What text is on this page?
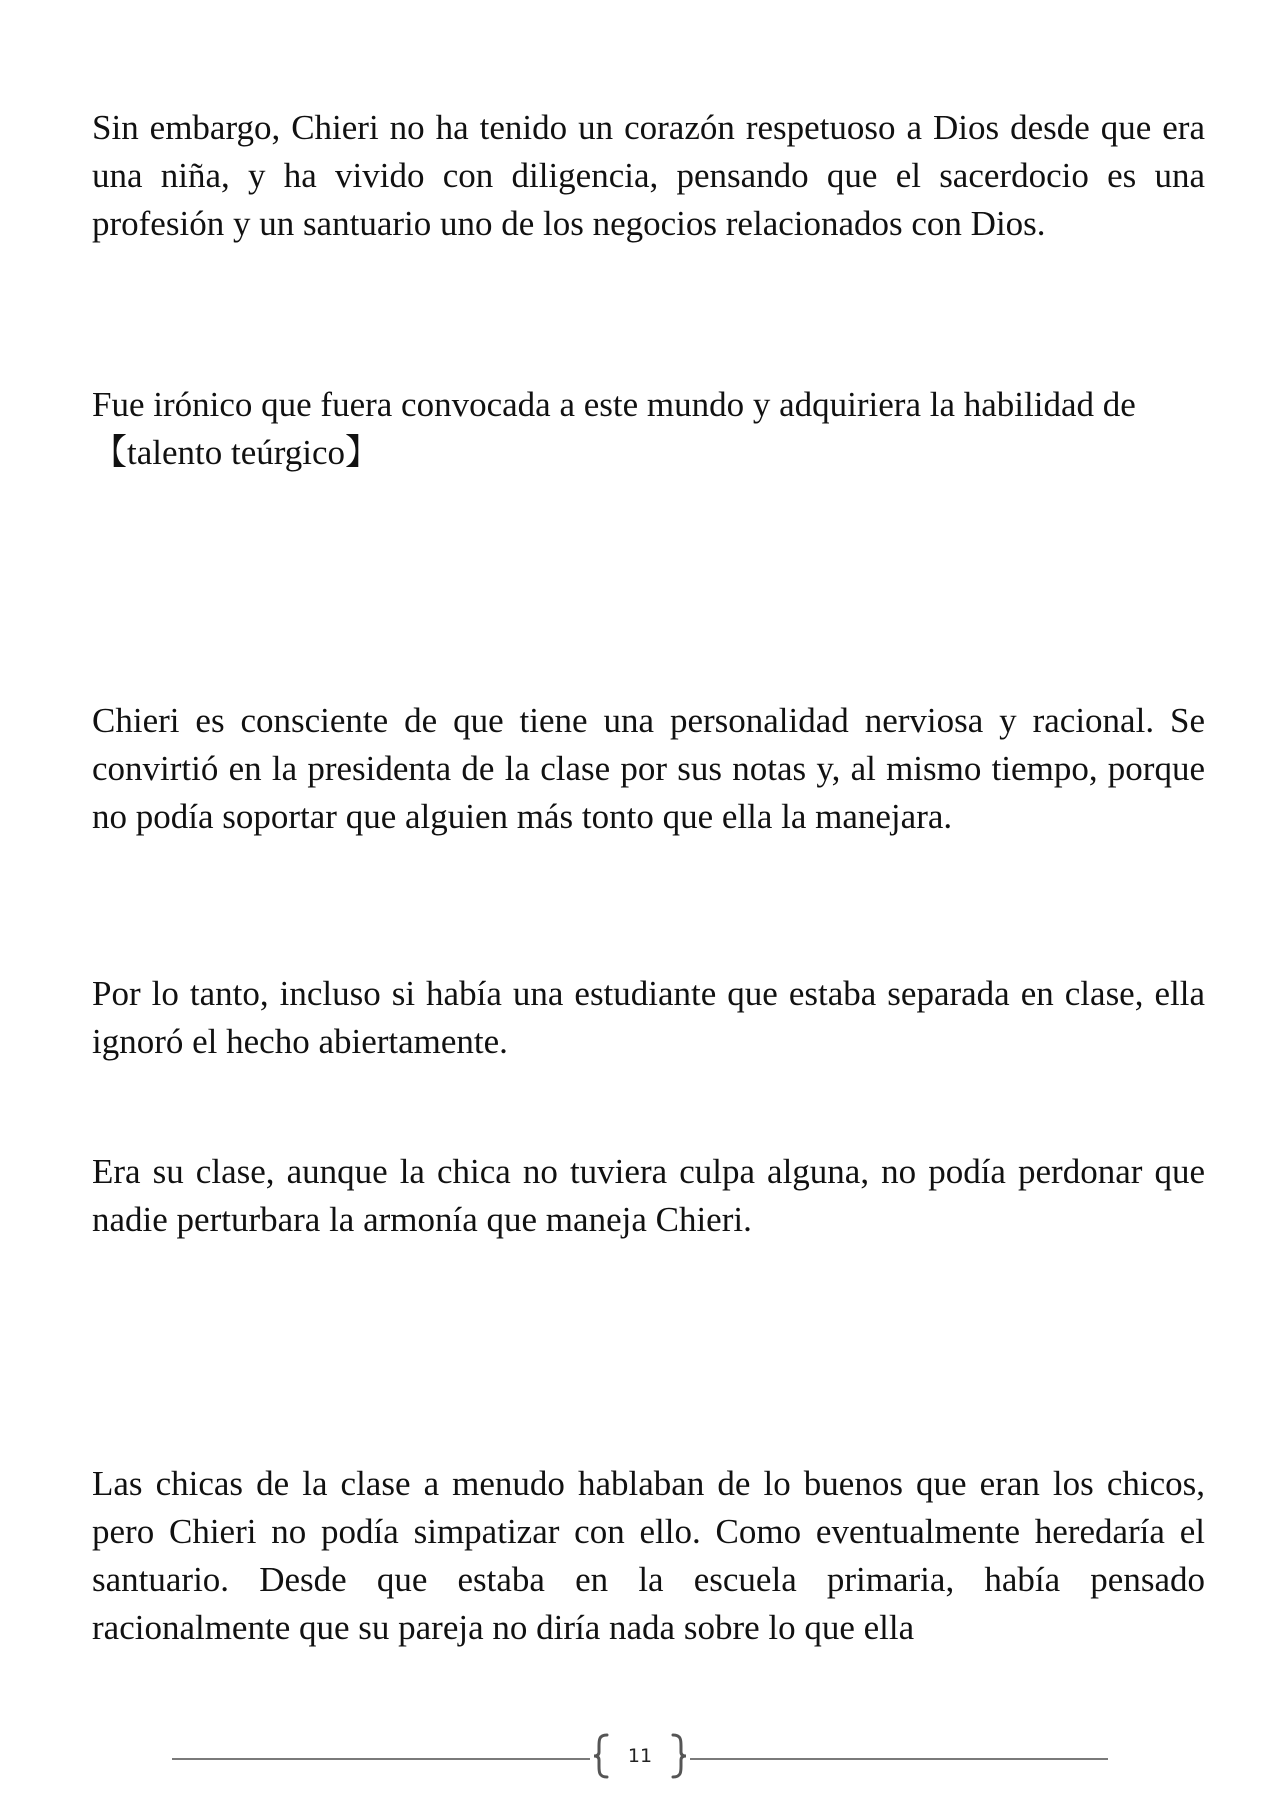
Sin embargo, Chieri no ha tenido un corazón respetuoso a Dios desde que era una niña, y ha vivido con diligencia, pensando que el sacerdocio es una profesión y un santuario uno de los negocios relacionados con Dios.

Fue irónico que fuera convocada a este mundo y adquiriera la habilidad de【talento teúrgico】

Chieri es consciente de que tiene una personalidad nerviosa y racional. Se convirtió en la presidenta de la clase por sus notas y, al mismo tiempo, porque no podía soportar que alguien más tonto que ella la manejara.

Por lo tanto, incluso si había una estudiante que estaba separada en clase, ella ignoró el hecho abiertamente.

Era su clase, aunque la chica no tuviera culpa alguna, no podía perdonar que nadie perturbara la armonía que maneja Chieri.

Las chicas de la clase a menudo hablaban de lo buenos que eran los chicos, pero Chieri no podía simpatizar con ello. Como eventualmente heredaría el santuario. Desde que estaba en la escuela primaria, había pensado racionalmente que su pareja no diría nada sobre lo que ella

11
